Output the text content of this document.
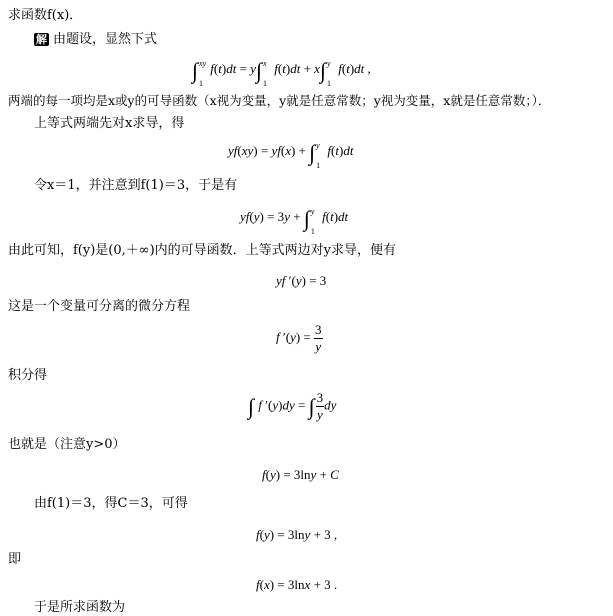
求函数f(x)．
解 由题设，显然下式
∫ xy
1
f(t)dt = y∫ x
1
f(t)dt + x∫ y
1
f(t)dt ,
两端的每一项均是x或y的可导函数（x视为变量，y就是任意常数；y视为变量，x就是任意常数；）．
上等式两端先对x求导，得
yf(xy) = yf(x) + ∫ y
1
f(t)dt
令x＝1，并注意到f(1)＝3，于是有
yf(y) = 3y + ∫ y
1
f(t)dt
由此可知，f(y)是(0,＋∞)内的可导函数．上等式两边对y求导，便有
yf ′(y) = 3
这是一个变量可分离的微分方程
f $'(y) = \frac{3}{y}$
积分得
∫ f ′(y)dy = ∫ $\frac{3}{y}$ dy
也就是（注意y>0）
f(y) = 3lny + C
由f(1)＝3，得C＝3，可得
f(y) = 3lny + 3 ,
即
f(x) = 3lnx + 3 .
于是所求函数为
